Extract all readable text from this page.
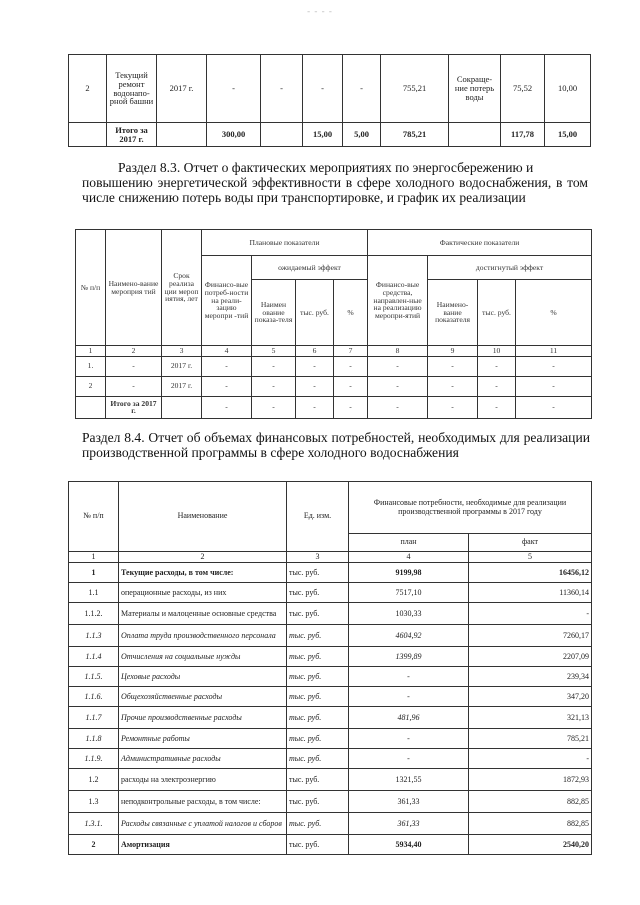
- - - -
2	Текущий ремонт водонапо-рной башни	2017 г.	-	-	-	-	755,21	Сокраще-ние потерь воды	75,52	10,00
	Итого за 2017 г.		300,00		15,00	5,00	785,21		117,78	15,00
Раздел 8.3. Отчет о фактических мероприятиях по энергосбережению и
повышению энергетической эффективности в сфере холодного водоснабжения, в том числе снижению потерь воды при транспортировке, и график их реализации
№ п/п	Наимено-вание мероприя тий	Срок реализа ции мероп иятия, лет	Плановые показатели				Фактические показатели			
			Финансо-вые потреб-ности на реали-зацию меропри -тий	ожидаемый эффект			Финансо-вые средства, направлен-ные на реализацию меропри-ятий	достигнутый эффект		
				Наимен ование показа-теля	тыс. руб.	%		Наимено-вание показателя	тыс. руб.	%
1	2	3	4	5	6	7	8	9	10	11
1.	-	2017 г.	-	-	-	-	-	-	-	-
2	-	2017 г.	-	-	-	-	-	-	-	-
	Итого за 2017 г.		-	-	-	-	-	-	-	-
Раздел 8.4. Отчет об объемах финансовых потребностей, необходимых для реализации производственной программы в сфере холодного водоснабжения
№ п/п	Наименование	Ед. изм.	Финансовые потребности, необходимые для реализации производственной программы в 2017 году	
			план	факт
1	2	3	4	5
1	Текущие расходы, в том числе:	тыс. руб.	9199,98	16456,12
1.1	операционные расходы, из них	тыс. руб.	7517,10	11360,14
1.1.2.	Материалы и малоценные основные средства	тыс. руб.	1030,33	-
1.1.3	Оплата труда производственного персонала	тыс. руб.	4604,92	7260,17
1.1.4	Отчисления на социальные нужды	тыс. руб.	1399,89	2207,09
1.1.5.	Цеховые расходы	тыс. руб.	-	239,34
1.1.6.	Общехозяйственные расходы	тыс. руб.	-	347,20
1.1.7	Прочие производственные расходы	тыс. руб.	481,96	321,13
1.1.8	Ремонтные работы	тыс. руб.	-	785,21
1.1.9.	Административные расходы	тыс. руб.	-	-
1.2	расходы на электроэнергию	тыс. руб.	1321,55	1872,93
1.3	неподконтрольные расходы, в том числе:	тыс. руб.	361,33	882,85
1.3.1.	Расходы связанные с уплатой налогов и сборов	тыс. руб.	361,33	882,85
2	Амортизация	тыс. руб.	5934,40	2540,20
